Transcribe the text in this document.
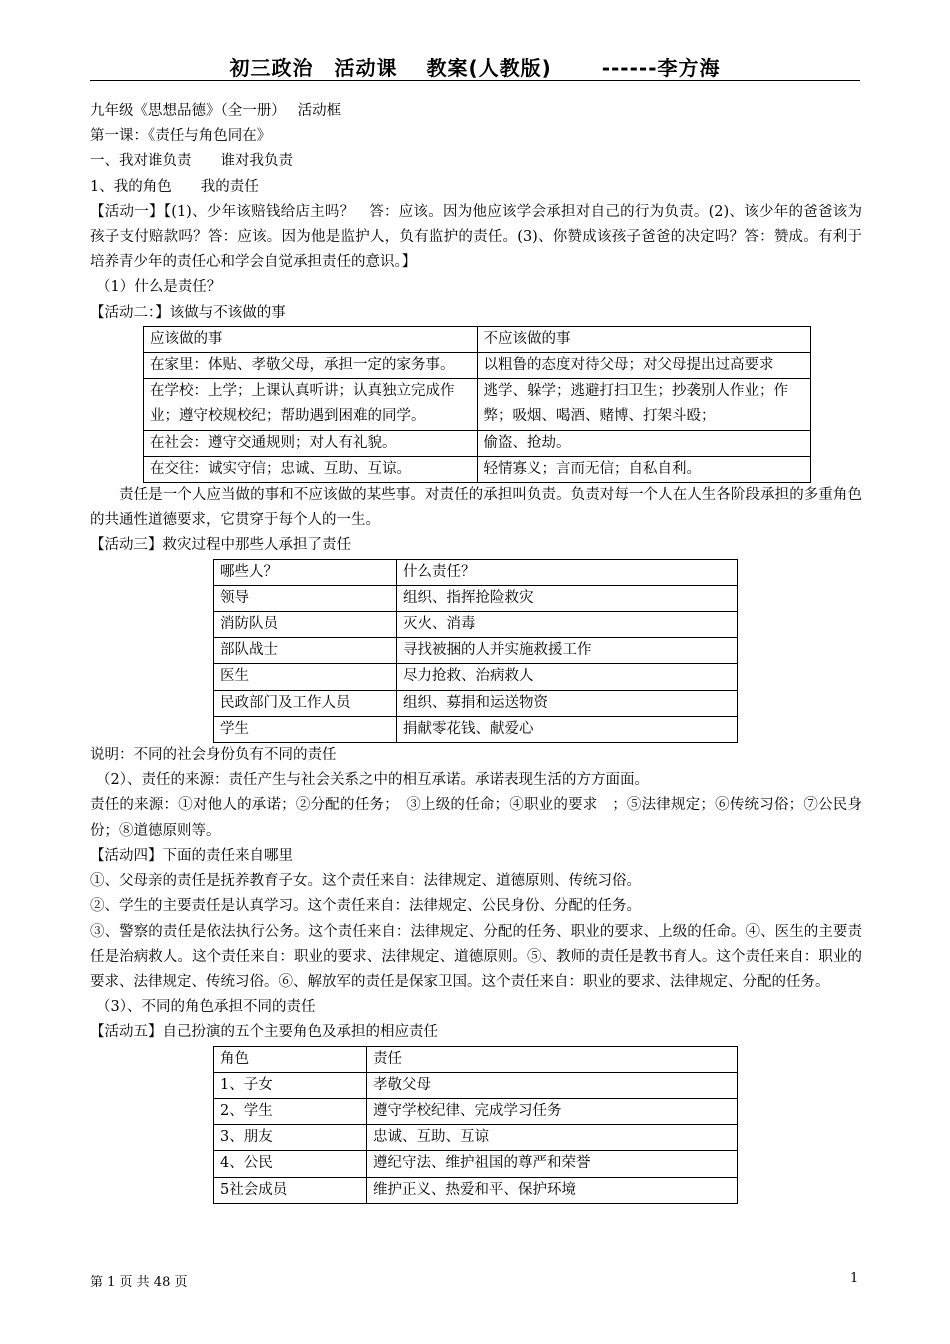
初三政治　活动课　 教案(人教版)　　 ------李方海
九年级《思想品德》（全一册）　 活动框
第一课：《责任与角色同在》
一、我对谁负责　　谁对我负责
1、我的角色　　我的责任
【活动一】【(1)、少年该赔钱给店主吗？　答：应该。因为他应该学会承担对自己的行为负责。(2)、该少年的爸爸该为孩子支付赔款吗？答：应该。因为他是监护人，负有监护的责任。(3)、你赞成该孩子爸爸的决定吗？答：赞成。有利于培养青少年的责任心和学会自觉承担责任的意识。】
（1）什么是责任？
【活动二：】该做与不该做的事
应该做的事	不应该做的事
在家里：体贴、孝敬父母，承担一定的家务事。	以粗鲁的态度对待父母；对父母提出过高要求
在学校：上学；上课认真听讲；认真独立完成作业；遵守校规校纪；帮助遇到困难的同学。	逃学、躲学；逃避打扫卫生；抄袭别人作业；作弊；吸烟、喝酒、赌博、打架斗殴；
在社会：遵守交通规则；对人有礼貌。	偷盗、抢劫。
在交往：诚实守信；忠诚、互助、互谅。	轻情寡义；言而无信；自私自利。
责任是一个人应当做的事和不应该做的某些事。对责任的承担叫负责。负责对每一个人在人生各阶段承担的多重角色的共通性道德要求，它贯穿于每个人的一生。
【活动三】救灾过程中那些人承担了责任
哪些人？	什么责任？
领导	组织、指挥抢险救灾
消防队员	灭火、消毒
部队战士	寻找被捆的人并实施救援工作
医生	尽力抢救、治病救人
民政部门及工作人员	组织、募捐和运送物资
学生	捐献零花钱、献爱心
说明：不同的社会身份负有不同的责任
（2）、责任的来源：责任产生与社会关系之中的相互承诺。承诺表现生活的方方面面。
责任的来源：①对他人的承诺；②分配的任务；　③上级的任命；④职业的要求　；⑤法律规定；⑥传统习俗；⑦公民身份；⑧道德原则等。
【活动四】下面的责任来自哪里
①、父母亲的责任是抚养教育子女。这个责任来自：法律规定、道德原则、传统习俗。
②、学生的主要责任是认真学习。这个责任来自：法律规定、公民身份、分配的任务。
③、警察的责任是依法执行公务。这个责任来自：法律规定、分配的任务、职业的要求、上级的任命。④、医生的主要责任是治病救人。这个责任来自：职业的要求、法律规定、道德原则。⑤、教师的责任是教书育人。这个责任来自：职业的要求、法律规定、传统习俗。⑥、解放军的责任是保家卫国。这个责任来自：职业的要求、法律规定、分配的任务。
（3）、不同的角色承担不同的责任
【活动五】自己扮演的五个主要角色及承担的相应责任
角色	责任
1、子女	孝敬父母
2、学生	遵守学校纪律、完成学习任务
3、朋友	忠诚、互助、互谅
4、公民	遵纪守法、维护祖国的尊严和荣誉
5社会成员	维护正义、热爱和平、保护环境
第 1 页 共 48 页	1
